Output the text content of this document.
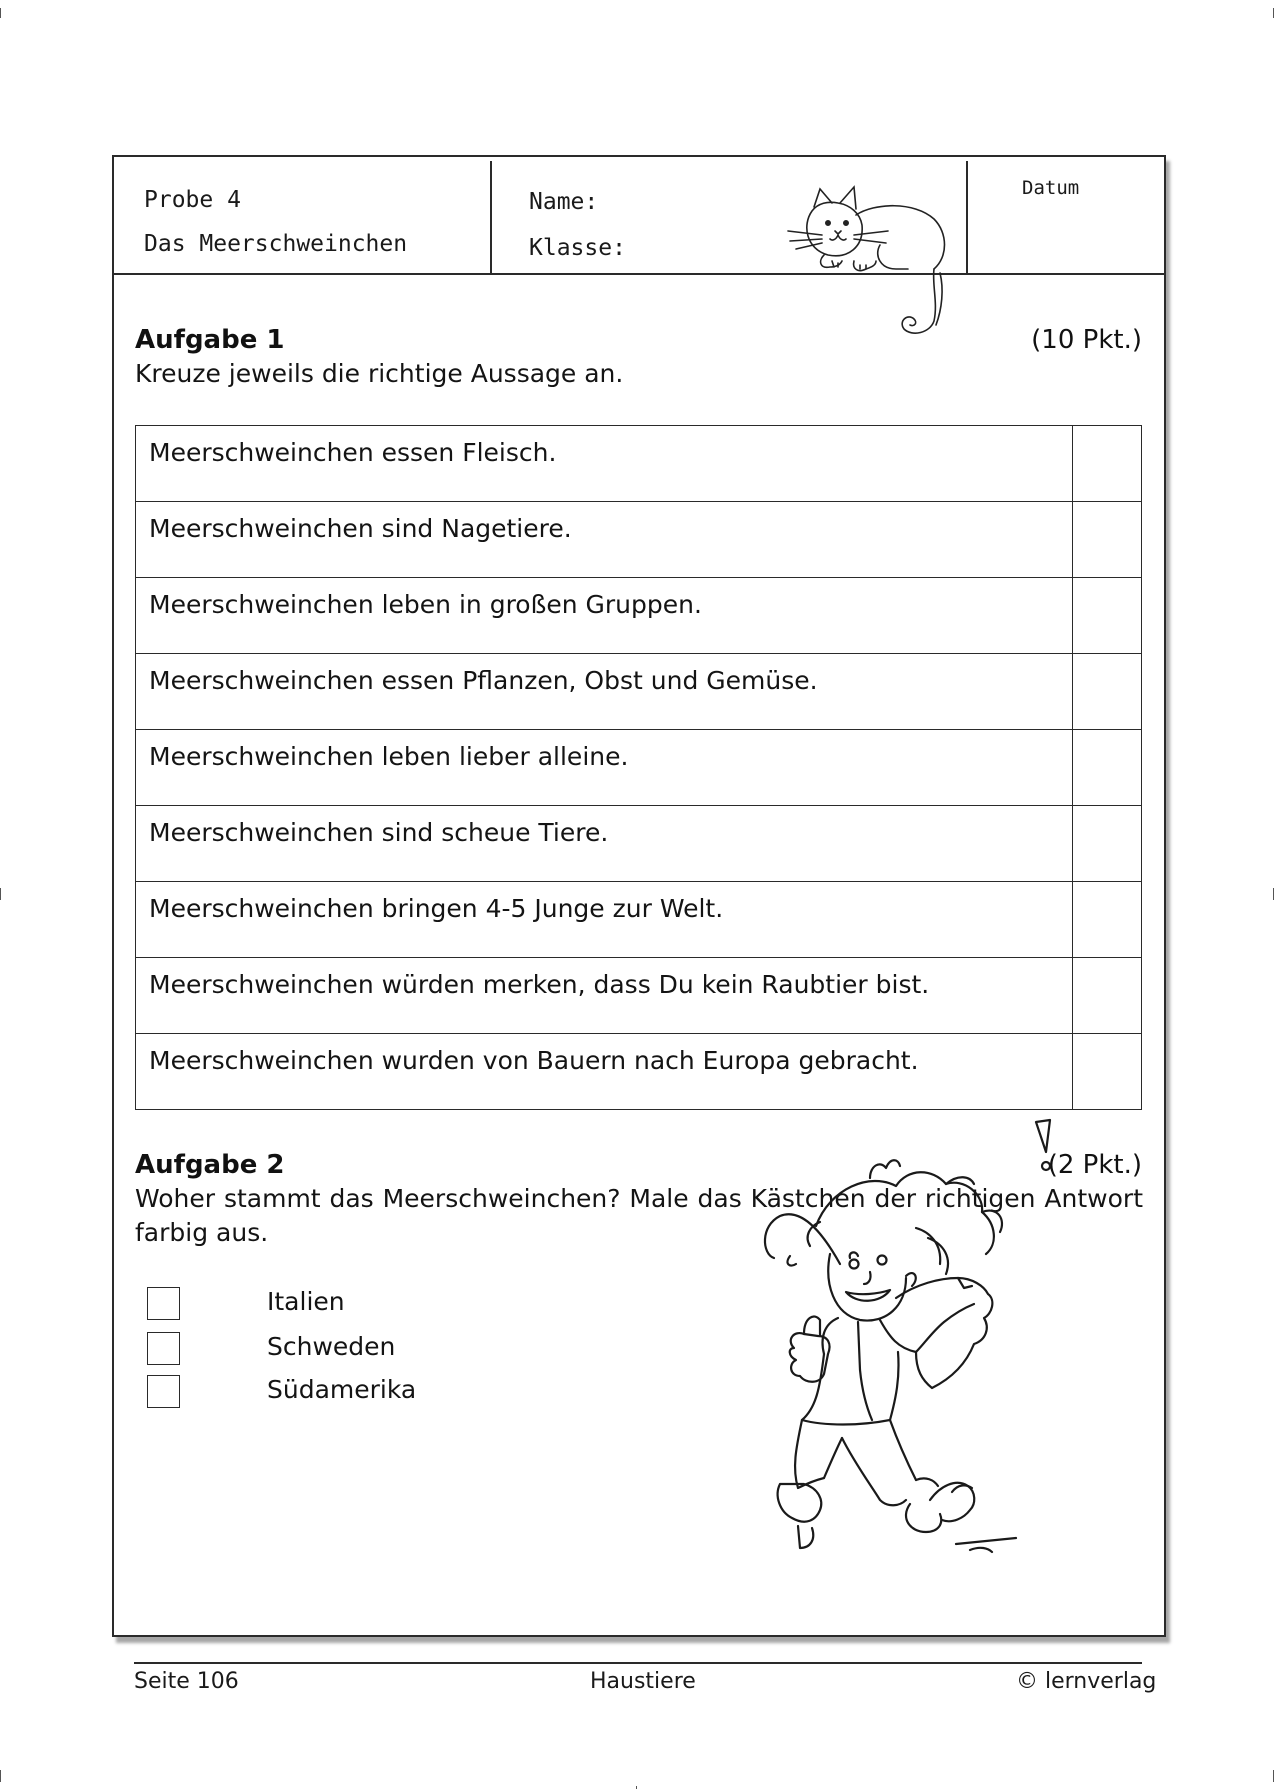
Probe 4
Das Meerschweinchen
Name:
Klasse:
Datum
Aufgabe 1	(10 Pkt.)
Kreuze jeweils die richtige Aussage an.
Meerschweinchen essen Fleisch.	

Meerschweinchen sind Nagetiere.	

Meerschweinchen leben in großen Gruppen.	

Meerschweinchen essen Pflanzen, Obst und Gemüse.	

Meerschweinchen leben lieber alleine.	

Meerschweinchen sind scheue Tiere.	

Meerschweinchen bringen 4-5 Junge zur Welt.	

Meerschweinchen würden merken, dass Du kein Raubtier bist.	

Meerschweinchen wurden von Bauern nach Europa gebracht.	

Aufgabe 2	(2 Pkt.)
Woher stammt das Meerschweinchen? Male das Kästchen der richtigen Antwort
farbig aus.
Italien
Schweden
Südamerika
Seite 106	Haustiere	© lernverlag
